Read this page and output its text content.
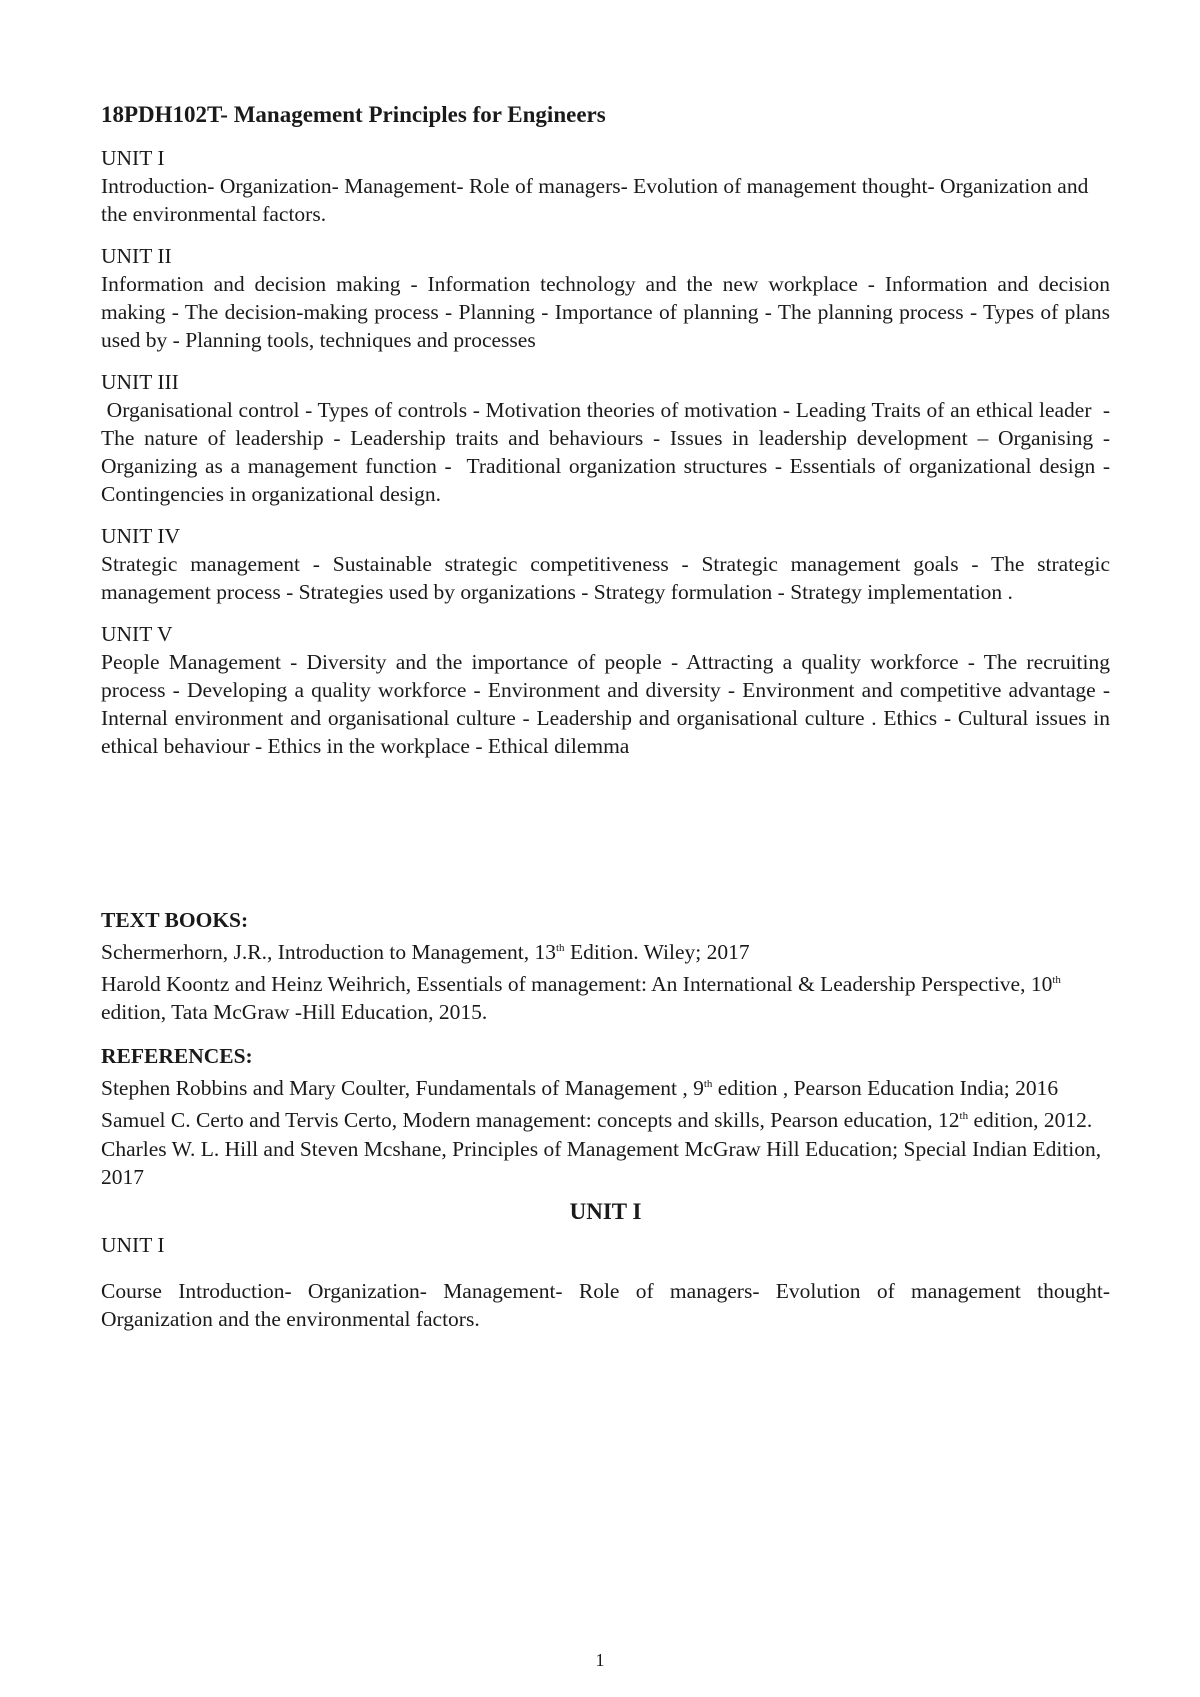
18PDH102T- Management Principles for Engineers
UNIT I
Introduction- Organization- Management- Role of managers- Evolution of management thought- Organization and the environmental factors.
UNIT II
Information and decision making - Information technology and the new workplace - Information and decision making - The decision-making process - Planning - Importance of planning - The planning process - Types of plans used by - Planning tools, techniques and processes
UNIT III
Organisational control - Types of controls - Motivation theories of motivation - Leading Traits of an ethical leader  -  The nature of leadership - Leadership traits and behaviours - Issues in leadership development – Organising - Organizing as a management function -  Traditional organization structures - Essentials of organizational design - Contingencies in organizational design.
UNIT IV
Strategic management - Sustainable strategic competitiveness - Strategic management goals - The strategic management process - Strategies used by organizations - Strategy formulation - Strategy implementation .
UNIT V
People Management - Diversity and the importance of people - Attracting a quality workforce - The recruiting process - Developing a quality workforce - Environment and diversity - Environment and competitive advantage - Internal environment and organisational culture - Leadership and organisational culture . Ethics - Cultural issues in ethical behaviour - Ethics in the workplace - Ethical dilemma
TEXT BOOKS:
Schermerhorn, J.R., Introduction to Management, 13th Edition. Wiley; 2017
Harold Koontz and Heinz Weihrich, Essentials of management: An International & Leadership Perspective, 10th edition, Tata McGraw -Hill Education, 2015.
REFERENCES:
Stephen Robbins and Mary Coulter, Fundamentals of Management , 9th edition , Pearson Education India; 2016
Samuel C. Certo and Tervis Certo, Modern management: concepts and skills, Pearson education, 12th edition, 2012.
Charles W. L. Hill and Steven Mcshane, Principles of Management McGraw Hill Education; Special Indian Edition, 2017
UNIT I
UNIT I
Course Introduction- Organization- Management- Role of managers- Evolution of management thought- Organization and the environmental factors.
1
